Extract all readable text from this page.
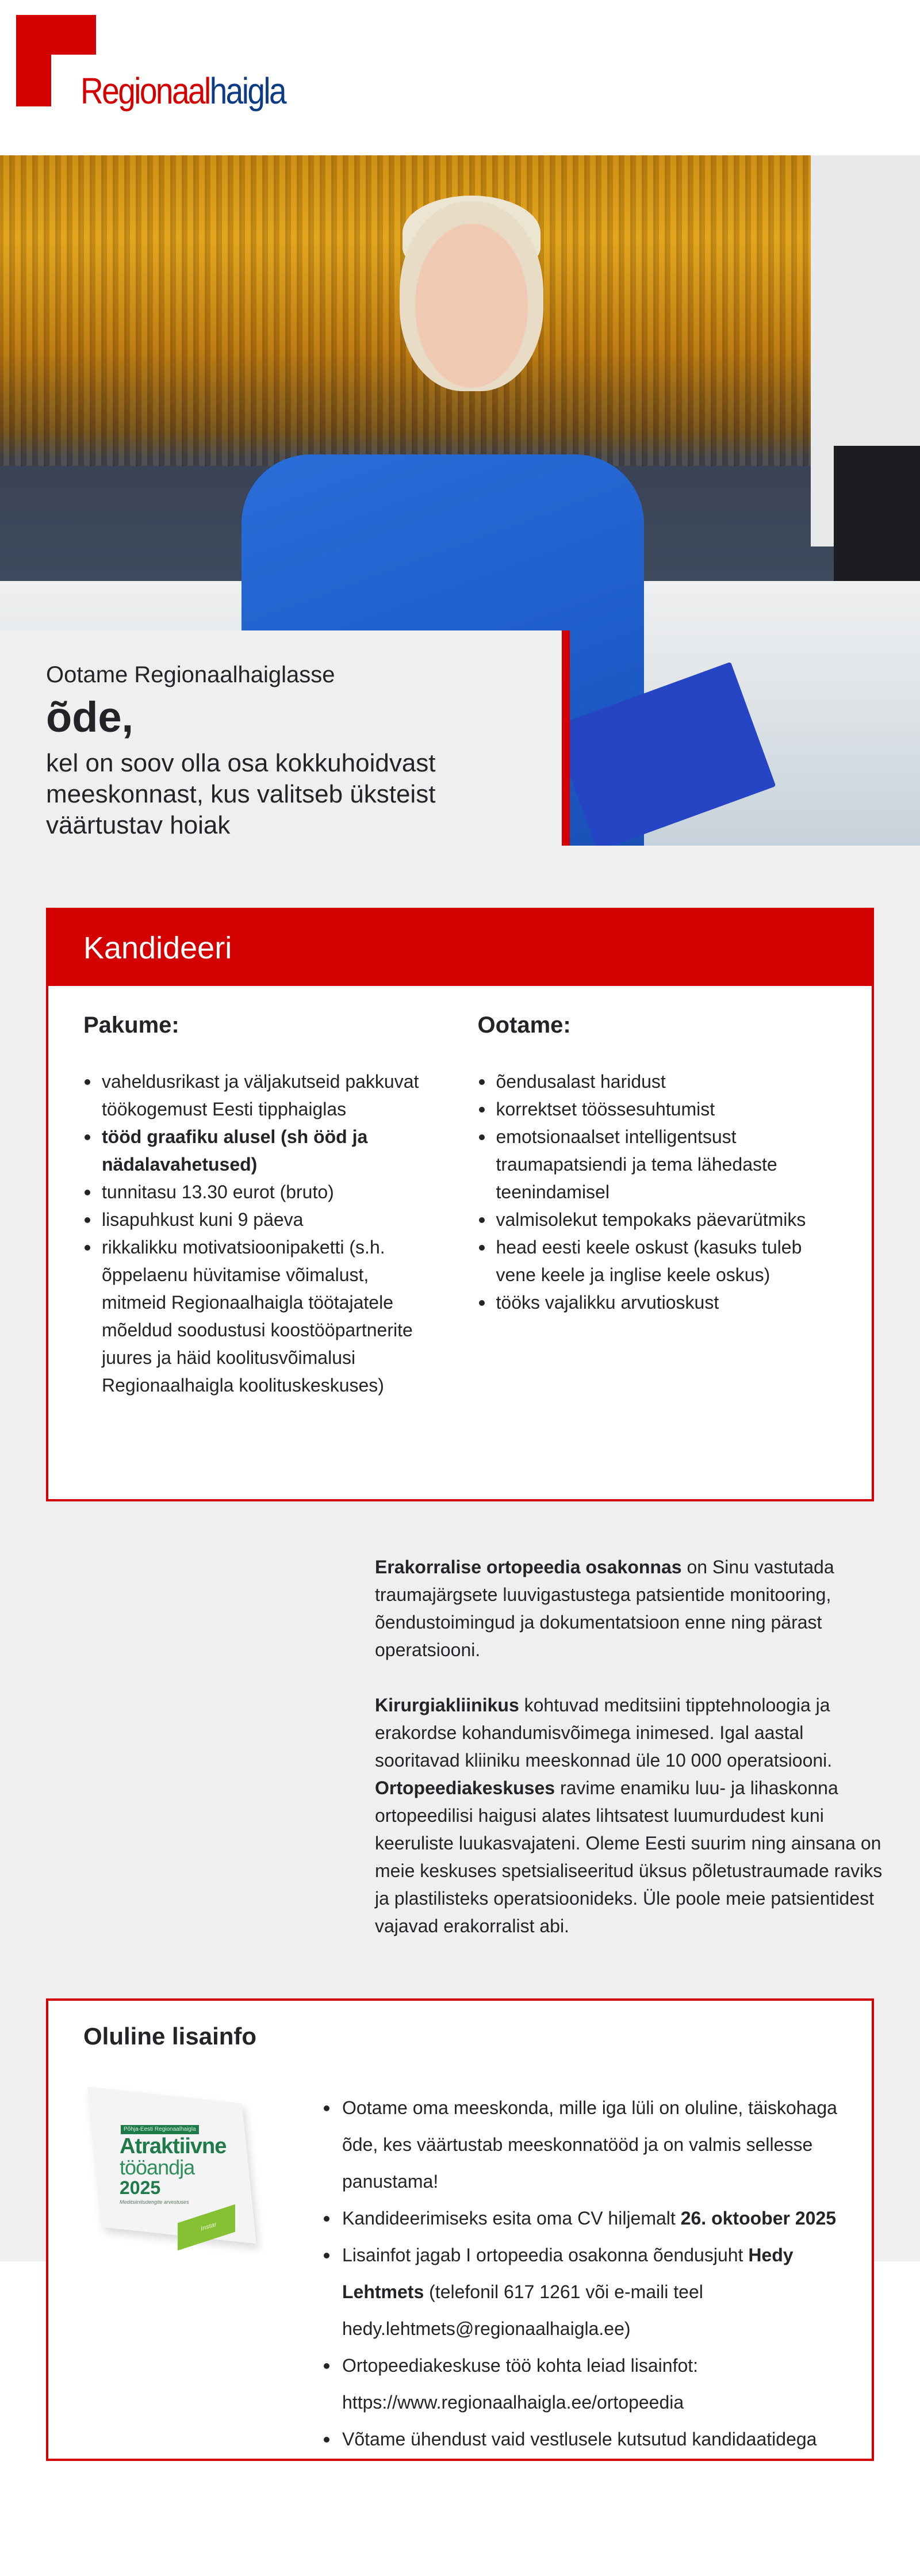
Regionaalhaigla
Ootame Regionaalhaiglasse
õde,
kel on soov olla osa kokkuhoidvast meeskonnast, kus valitseb üksteist väärtustav hoiak
Kandideeri
Pakume:
vaheldusrikast ja väljakutseid pakkuvat töökogemust Eesti tipphaiglas
tööd graafiku alusel (sh ööd ja nädalavahetused)
tunnitasu 13.30 eurot (bruto)
lisapuhkust kuni 9 päeva
rikkalikku motivatsioonipaketti (s.h. õppelaenu hüvitamise võimalust, mitmeid Regionaalhaigla töötajatele mõeldud soodustusi koostööpartnerite juures ja häid koolitusvõimalusi Regionaalhaigla koolituskeskuses)
Ootame:
õendusalast haridust
korrektset töössesuhtumist
emotsionaalset intelligentsust traumapatsiendi ja tema lähedaste teenindamisel
valmisolekut tempokaks päevarütmiks
head eesti keele oskust (kasuks tuleb vene keele ja inglise keele oskus)
tööks vajalikku arvutioskust

Erakorralise ortopeedia osakonnas on Sinu vastutada traumajärgsete luuvigastustega patsientide monitooring, õendustoimingud ja dokumentatsioon enne ning pärast operatsiooni.

Kirurgiakliinikus kohtuvad meditsiini tipptehnoloogia ja erakordse kohandumisvõimega inimesed. Igal aastal sooritavad kliiniku meeskonnad üle 10 000 operatsiooni.
Ortopeediakeskuses ravime enamiku luu- ja lihaskonna ortopeedilisi haigusi alates lihtsatest luumurdudest kuni keeruliste luukasvajateni. Oleme Eesti suurim ning ainsana on meie keskuses spetsialiseeritud üksus põletustraumade raviks ja plastilisteks operatsioonideks. Üle poole meie patsientidest vajavad erakorralist abi.

Oluline lisainfo
Põhja-Eesti Regionaalhaigla
Atraktiivne
tööandja
2025
Meditsiinitudengite arvestuses
Instar
Ootame oma meeskonda, mille iga lüli on oluline, täiskohaga õde, kes väärtustab meeskonnatööd ja on valmis sellesse panustama!
Kandideerimiseks esita oma CV hiljemalt 26. oktoober 2025
Lisainfot jagab I ortopeedia osakonna õendusjuht Hedy Lehtmets (telefonil 617 1261 või e-maili teel hedy.lehtmets@regionaalhaigla.ee)
Ortopeediakeskuse töö kohta leiad lisainfot: https://www.regionaalhaigla.ee/ortopeedia
Võtame ühendust vaid vestlusele kutsutud kandidaatidega
